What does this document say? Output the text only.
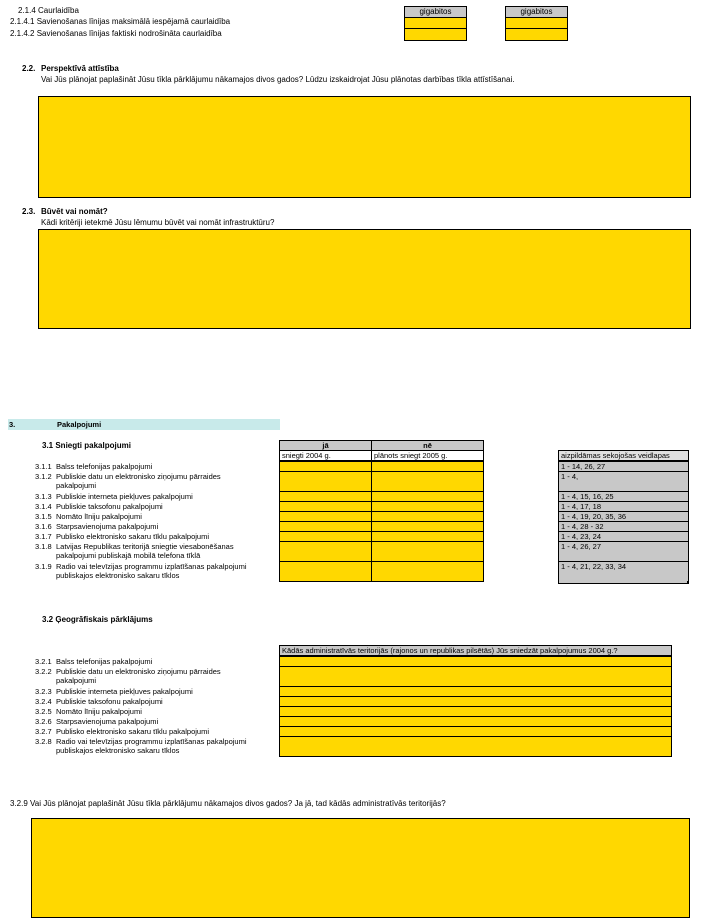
2.1.4 Caurlaidība
2.1.4.1 Savienošanas līnijas maksimālā iespējamā caurlaidība
2.1.4.2 Savienošanas līnijas faktiski nodrošināta caurlaidība
gigabitos	gigabitos
2.2. Perspektīvā attīstība
Vai Jūs plānojat paplašināt Jūsu tīkla pārklājumu nākamajos divos gados? Lūdzu izskaidrojat Jūsu plānotas darbības tīkla attīstīšanai.
2.3. Būvēt vai nomāt?
Kādi kritēriji ietekmē Jūsu lēmumu būvēt vai nomāt infrastruktūru?
3.	Pakalpojumi
3.1 Sniegti pakalpojumi	jā	nē
sniegti 2004 g.	plānots sniegt 2005 g.	aizpildāmas sekojošas veidlapas
3.1.1 Balss telefonijas pakalpojumi	1 - 14, 26, 27
3.1.2 Publiskie datu un elektronisko ziņojumu pārraides
pakalpojumi
1 - 4,
3.1.3 Publiskie interneta piekļuves pakalpojumi	1 - 4, 15, 16, 25
3.1.4 Publiskie taksofonu pakalpojumi	1 - 4, 17, 18
3.1.5 Nomāto līniju pakalpojumi	1 - 4, 19, 20, 35, 36
3.1.6 Starpsavienojuma pakalpojumi	1 - 4, 28 - 32
3.1.7 Publisko elektronisko sakaru tīklu pakalpojumi	1 - 4, 23, 24
3.1.8 Latvijas Republikas teritorijā sniegtie viesabonēšanas
pakalpojumi publiskajā mobilā telefona tīklā
1 - 4, 26, 27
3.1.9 Radio vai televīzijas programmu izplatīšanas pakalpojumi
publiskajos elektronisko sakaru tīklos
1 - 4, 21, 22, 33, 34
3.2 Ģeogrāfiskais pārklājums
Kādās administratīvās teritorijās (rajonos un republikas pilsētās) Jūs sniedzāt pakalpojumus 2004 g.?
3.2.1 Balss telefonijas pakalpojumi
3.2.2 Publiskie datu un elektronisko ziņojumu pārraides
pakalpojumi
3.2.3 Publiskie interneta piekļuves pakalpojumi
3.2.4 Publiskie taksofonu pakalpojumi
3.2.5 Nomāto līniju pakalpojumi
3.2.6 Starpsavienojuma pakalpojumi
3.2.7 Publisko elektronisko sakaru tīklu pakalpojumi
3.2.8 Radio vai televīzijas programmu izplatīšanas pakalpojumi
publiskajos elektronisko sakaru tīklos
3.2.9 Vai Jūs plānojat paplašināt Jūsu tīkla pārklājumu nākamajos divos gados? Ja jā, tad kādās administratīvās teritorijās?
